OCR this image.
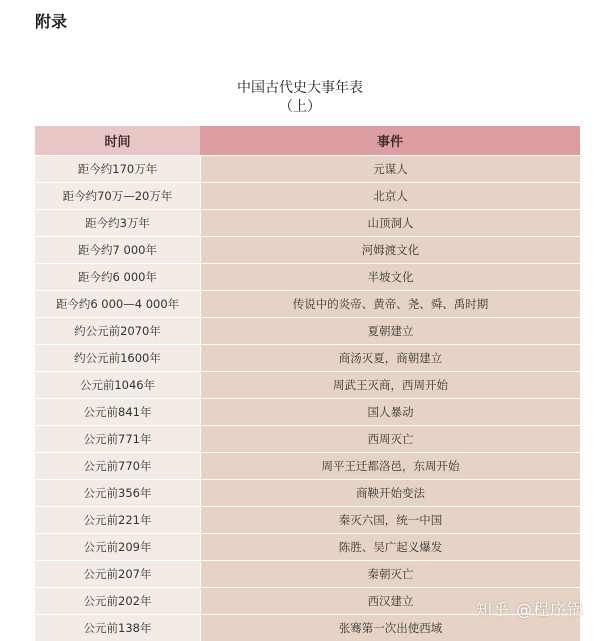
附录
中国古代史大事年表
（上）
时间	事件
距今约170万年	元谋人
距今约70万—20万年	北京人
距今约3万年	山顶洞人
距今约7 000年	河姆渡文化
距今约6 000年	半坡文化
距今约6 000—4 000年	传说中的炎帝、黄帝、尧、舜、禹时期
约公元前2070年	夏朝建立
约公元前1600年	商汤灭夏，商朝建立
公元前1046年	周武王灭商，西周开始
公元前841年	国人暴动
公元前771年	西周灭亡
公元前770年	周平王迁都洛邑，东周开始
公元前356年	商鞅开始变法
公元前221年	秦灭六国，统一中国
公元前209年	陈胜、吴广起义爆发
公元前207年	秦朝灭亡
公元前202年	西汉建立
公元前138年	张骞第一次出使西域
知乎 @程序锅
